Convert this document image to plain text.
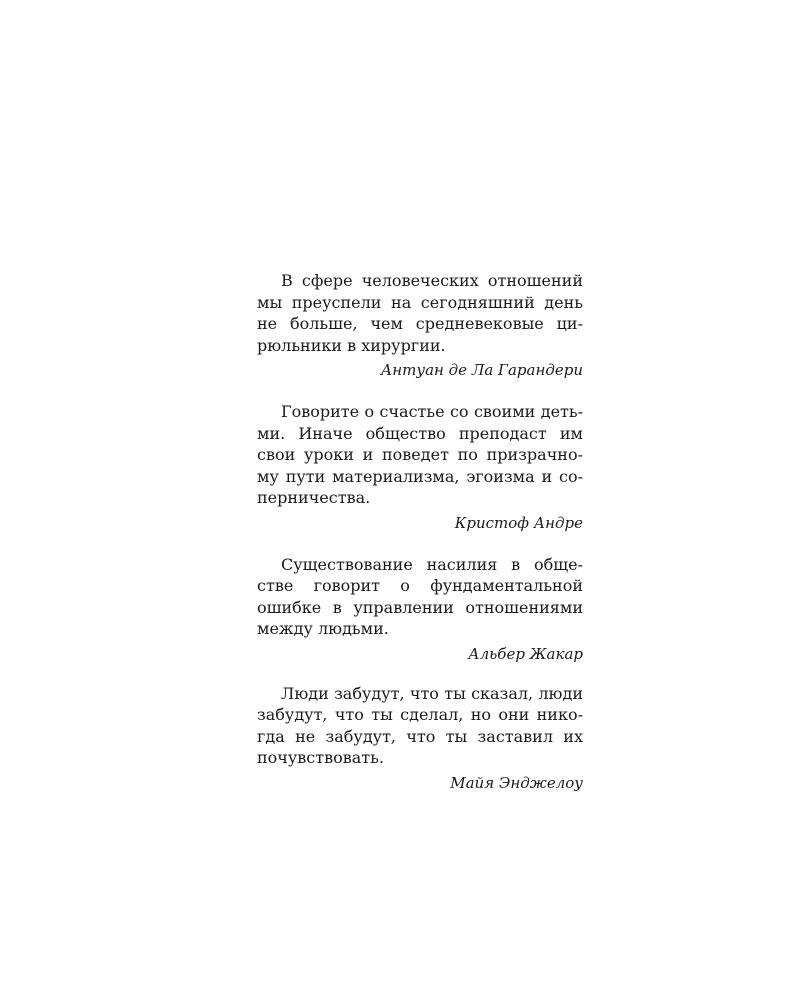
В сфере человеческих отношений
мы преуспели на сегодняшний день
не больше, чем средневековые ци-
рюльники в хирургии.
Антуан де Ла Гарандери
Говорите о счастье со своими деть-
ми. Иначе общество преподаст им
свои уроки и поведет по призрачно-
му пути материализма, эгоизма и со-
перничества.
Кристоф Андре
Существование насилия в обще-
стве говорит о фундаментальной
ошибке в управлении отношениями
между людьми.
Альбер Жакар
Люди забудут, что ты сказал, люди
забудут, что ты сделал, но они нико-
гда не забудут, что ты заставил их
почувствовать.
Майя Энджелоу
